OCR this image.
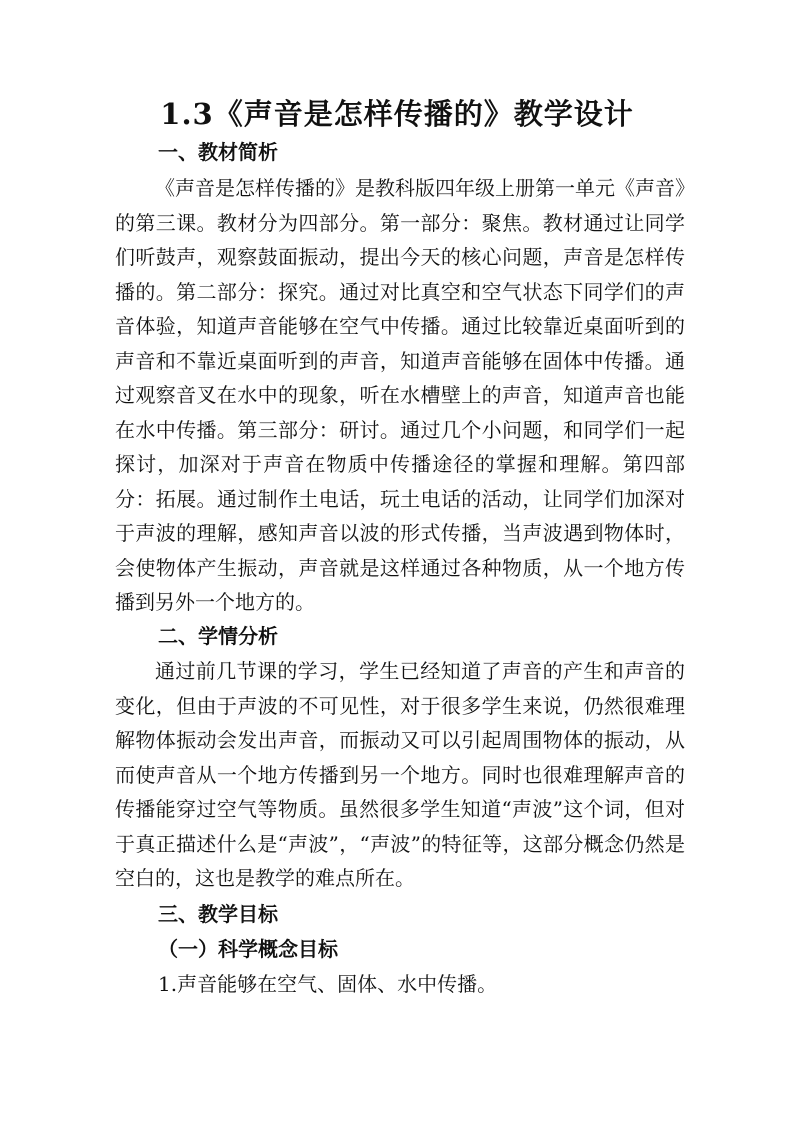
1.3《声音是怎样传播的》教学设计
一、教材简析
《声音是怎样传播的》是教科版四年级上册第一单元《声音》的第三课。教材分为四部分。第一部分：聚焦。教材通过让同学们听鼓声，观察鼓面振动，提出今天的核心问题，声音是怎样传播的。第二部分：探究。通过对比真空和空气状态下同学们的声音体验，知道声音能够在空气中传播。通过比较靠近桌面听到的声音和不靠近桌面听到的声音，知道声音能够在固体中传播。通过观察音叉在水中的现象，听在水槽壁上的声音，知道声音也能在水中传播。第三部分：研讨。通过几个小问题，和同学们一起探讨，加深对于声音在物质中传播途径的掌握和理解。第四部分：拓展。通过制作土电话，玩土电话的活动，让同学们加深对于声波的理解，感知声音以波的形式传播，当声波遇到物体时，会使物体产生振动，声音就是这样通过各种物质，从一个地方传播到另外一个地方的。
二、学情分析
通过前几节课的学习，学生已经知道了声音的产生和声音的变化，但由于声波的不可见性，对于很多学生来说，仍然很难理解物体振动会发出声音，而振动又可以引起周围物体的振动，从而使声音从一个地方传播到另一个地方。同时也很难理解声音的传播能穿过空气等物质。虽然很多学生知道“声波”这个词，但对于真正描述什么是“声波”，“声波”的特征等，这部分概念仍然是空白的，这也是教学的难点所在。
三、教学目标
（一）科学概念目标
1.声音能够在空气、固体、水中传播。
